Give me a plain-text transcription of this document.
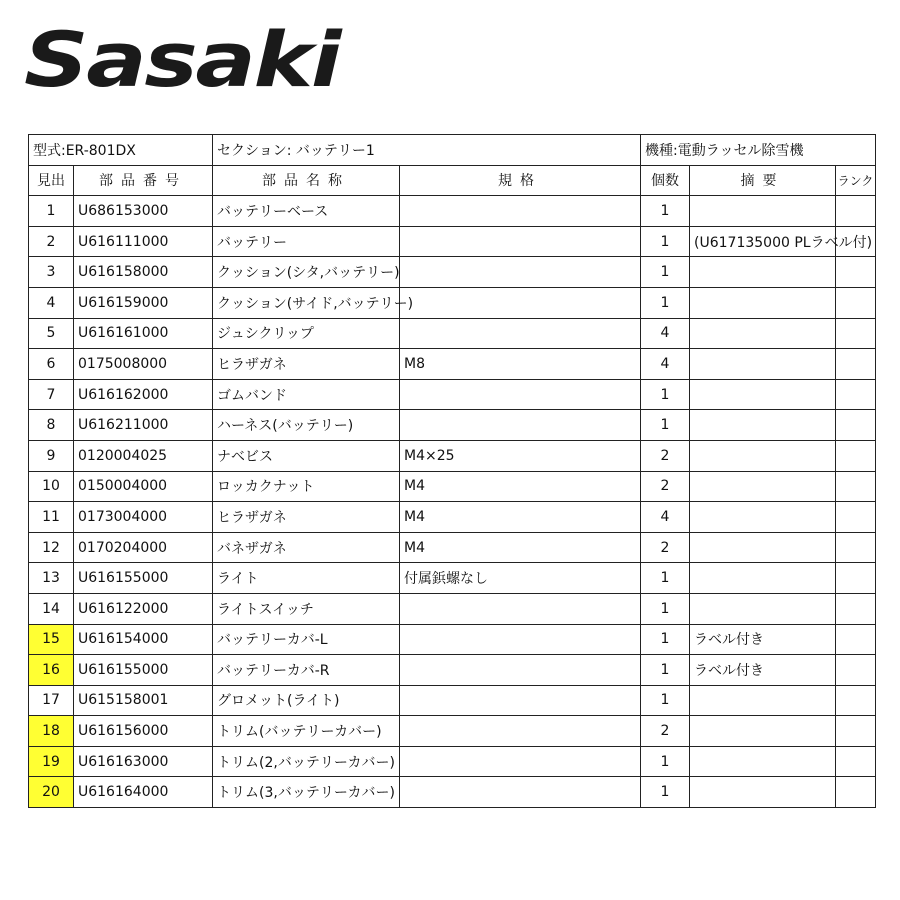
Sasaki
型式:ER-801DX		セクション: バッテリー1		機種:電動ラッセル除雪機		
見出	部品番号	部品名称	規格	個数	摘要	ランク
1	U686153000	バッテリーベース		1		
2	U616111000	バッテリー		1	(U617135000 PLラベル付)	
3	U616158000	クッション(シタ,バッテリー)		1		
4	U616159000	クッション(サイド,バッテリー)		1		
5	U616161000	ジュシクリップ		4		
6	0175008000	ヒラザガネ	M8	4		
7	U616162000	ゴムバンド		1		
8	U616211000	ハーネス(バッテリー)		1		
9	0120004025	ナベビス	M4×25	2		
10	0150004000	ロッカクナット	M4	2		
11	0173004000	ヒラザガネ	M4	4		
12	0170204000	バネザガネ	M4	2		
13	U616155000	ライト	付属鋲螺なし	1		
14	U616122000	ライトスイッチ		1		
15	U616154000	バッテリーカバ-L		1	ラベル付き	
16	U616155000	バッテリーカバ-R		1	ラベル付き	
17	U615158001	グロメット(ライト)		1		
18	U616156000	トリム(バッテリーカバー)		2		
19	U616163000	トリム(2,バッテリーカバー)		1		
20	U616164000	トリム(3,バッテリーカバー)		1		
